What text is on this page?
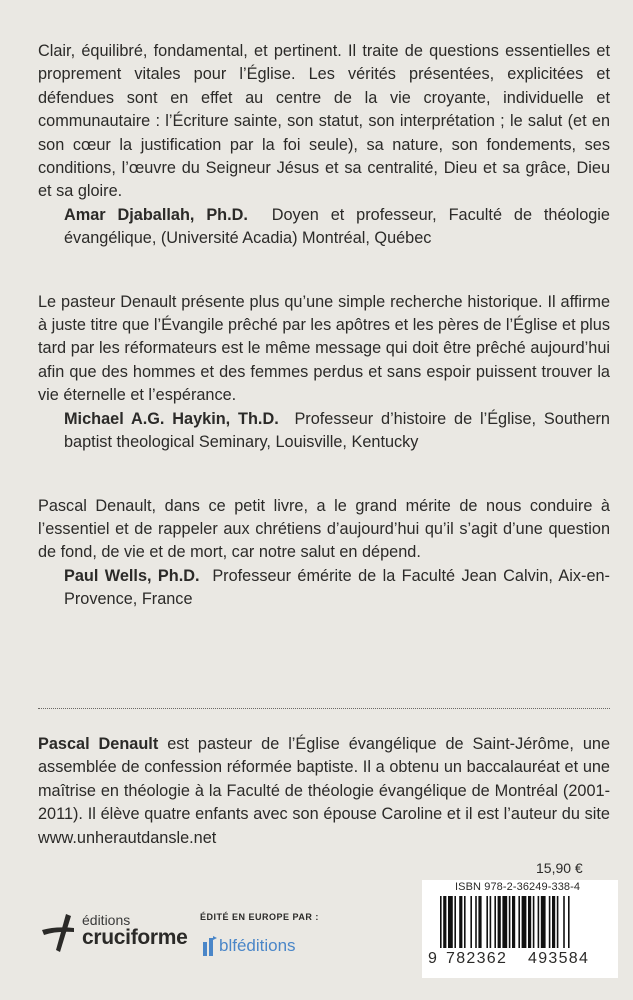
Clair, équilibré, fondamental, et pertinent. Il traite de questions essentielles et proprement vitales pour l’Église. Les vérités présentées, explicitées et défendues sont en effet au centre de la vie croyante, individuelle et communautaire : l’Écriture sainte, son statut, son interprétation ; le salut (et en son cœur la justification par la foi seule), sa nature, son fondements, ses conditions, l’œuvre du Seigneur Jésus et sa centralité, Dieu et sa grâce, Dieu et sa gloire.

Amar Djaballah, Ph.D. Doyen et professeur, Faculté de théologie évangélique, (Université Acadia) Montréal, Québec

Le pasteur Denault présente plus qu’une simple recherche historique. Il affirme à juste titre que l’Évangile prêché par les apôtres et les pères de l’Église et plus tard par les réformateurs est le même message qui doit être prêché aujourd’hui afin que des hommes et des femmes perdus et sans espoir puissent trouver la vie éternelle et l’espérance.

Michael A.G. Haykin, Th.D. Professeur d’histoire de l’Église, Southern baptist theological Seminary, Louisville, Kentucky

Pascal Denault, dans ce petit livre, a le grand mérite de nous conduire à l’essentiel et de rappeler aux chrétiens d’aujourd’hui qu’il s’agit d’une question de fond, de vie et de mort, car notre salut en dépend.

Paul Wells, Ph.D. Professeur émérite de la Faculté Jean Calvin, Aix-en-Provence, France

Pascal Denault est pasteur de l’Église évangélique de Saint-Jérôme, une assemblée de confession réformée baptiste. Il a obtenu un baccalauréat et une maîtrise en théologie à la Faculté de théologie évangélique de Montréal (2001-2011). Il élève quatre enfants avec son épouse Caroline et il est l’auteur du site www.unherautdansle.net

15,90 €
ISBN 978-2-36249-338-4
9 782362 493584
éditions
cruciforme
ÉDITÉ EN EUROPE PAR :
blféditions
